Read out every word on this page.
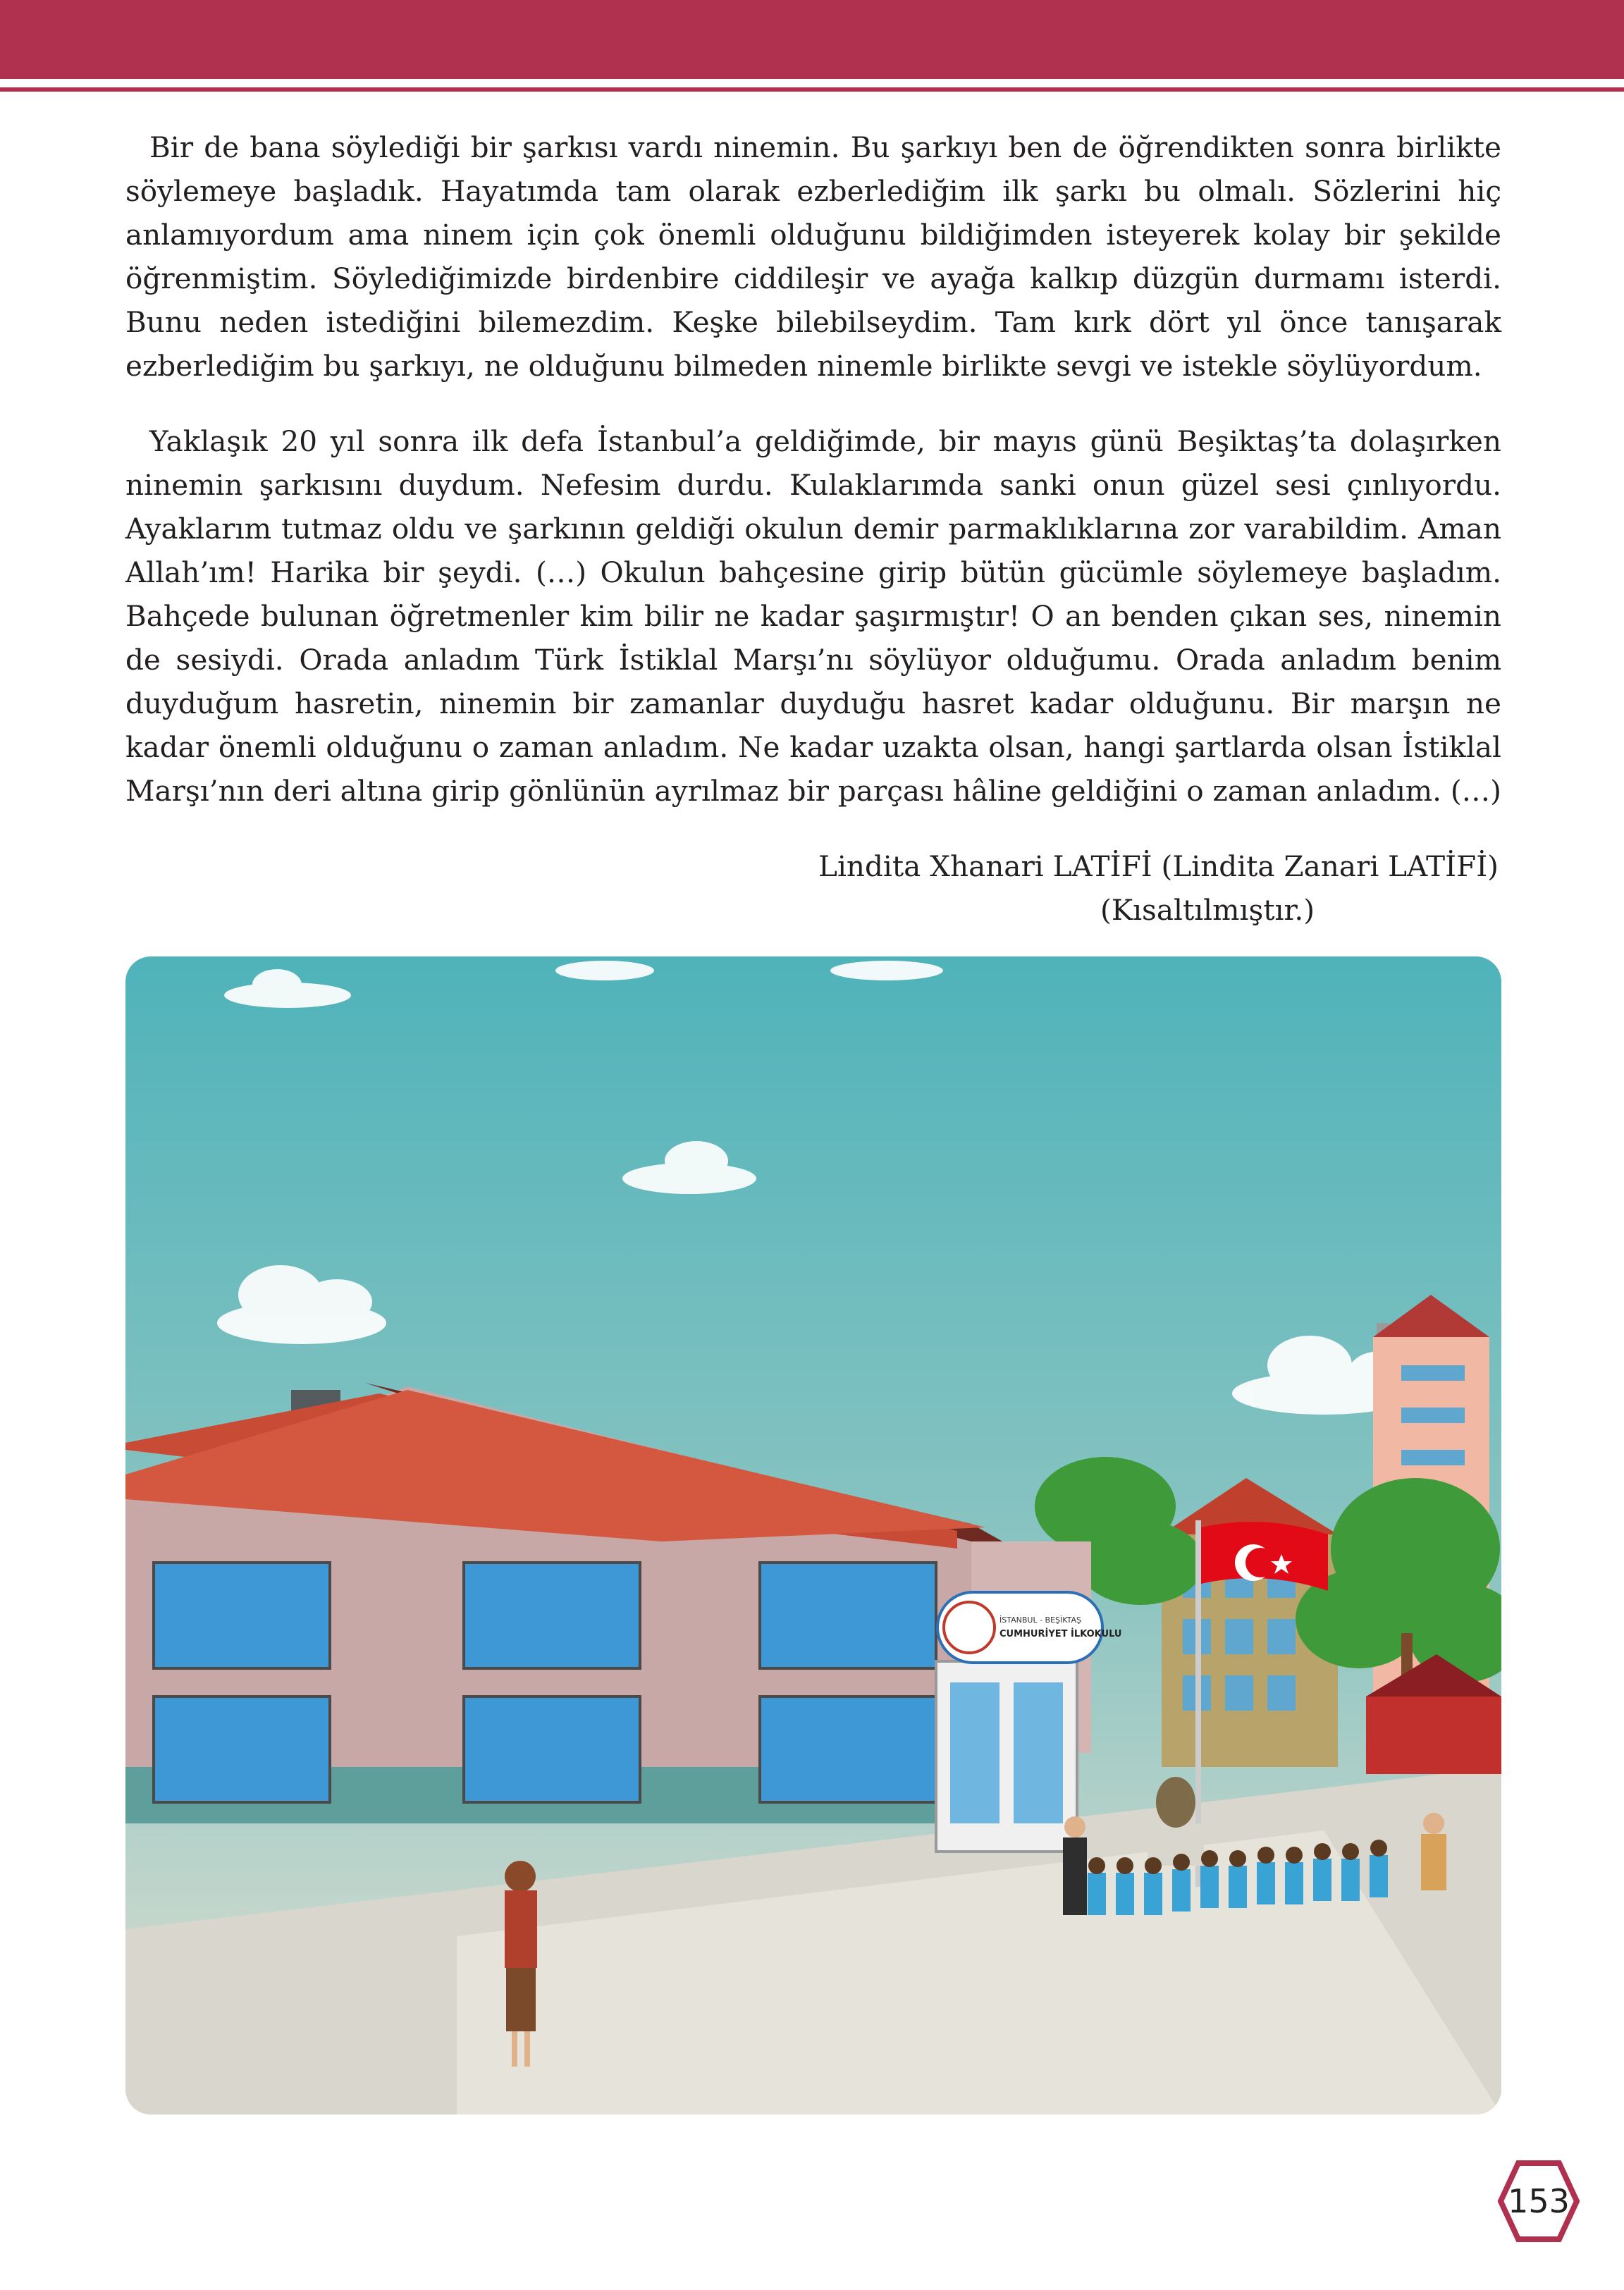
Bir de bana söylediği bir şarkısı vardı ninemin. Bu şarkıyı ben de öğrendikten sonra birlikte söylemeye başladık. Hayatımda tam olarak ezberlediğim ilk şarkı bu olmalı. Sözlerini hiç anlamıyordum ama ninem için çok önemli olduğunu bildiğimden isteyerek kolay bir şekilde öğrenmiştim. Söylediğimizde birdenbire ciddileşir ve ayağa kalkıp düzgün durmamı isterdi. Bunu neden istediğini bilemezdim. Keşke bilebilseydim. Tam kırk dört yıl önce tanışarak ezberlediğim bu şarkıyı, ne olduğunu bilmeden ninemle birlikte sevgi ve istekle söylüyordum.

Yaklaşık 20 yıl sonra ilk defa İstanbul’a geldiğimde, bir mayıs günü Beşiktaş’ta dolaşırken ninemin şarkısını duydum. Nefesim durdu. Kulaklarımda sanki onun güzel sesi çınlıyordu. Ayaklarım tutmaz oldu ve şarkının geldiği okulun demir parmaklıklarına zor varabildim. Aman Allah’ım! Harika bir şeydi. (…) Okulun bahçesine girip bütün gücümle söylemeye başladım. Bahçede bulunan öğretmenler kim bilir ne kadar şaşırmıştır! O an benden çıkan ses, ninemin de sesiydi. Orada anladım Türk İstiklal Marşı’nı söylüyor olduğumu. Orada anladım benim duyduğum hasretin, ninemin bir zamanlar duyduğu hasret kadar olduğunu. Bir marşın ne kadar önemli olduğunu o zaman anladım. Ne kadar uzakta olsan, hangi şartlarda olsan İstiklal Marşı’nın deri altına girip gönlünün ayrılmaz bir parçası hâline geldiğini o zaman anladım. (…)

Lindita Xhanari LATİFİ (Lindita Zanari LATİFİ)
(Kısaltılmıştır.)
İSTANBUL - BEŞİKTAŞ
CUMHURİYET İLKOKULU
153
